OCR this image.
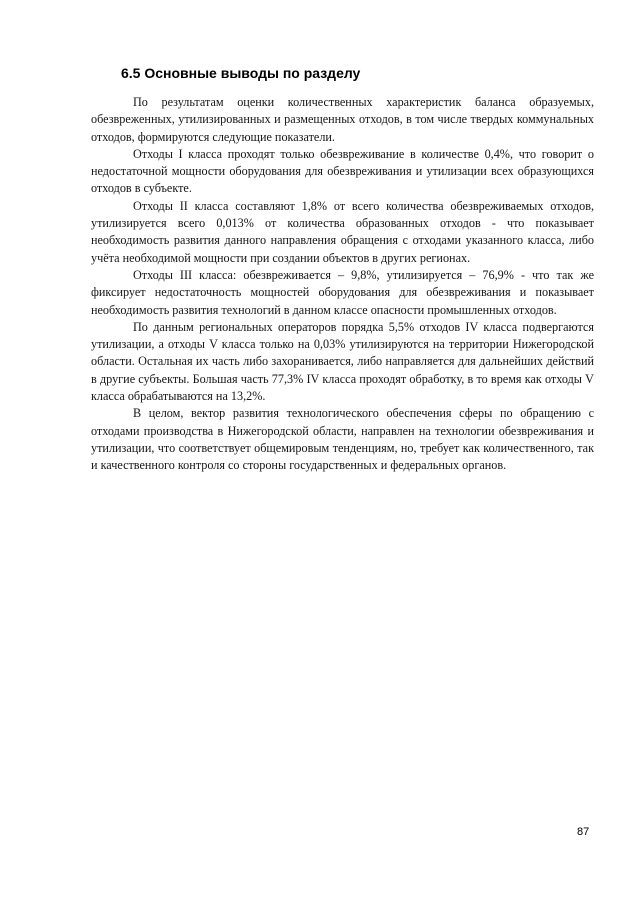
6.5 Основные выводы по разделу

По результатам оценки количественных характеристик баланса образуемых, обезвреженных, утилизированных и размещенных отходов, в том числе твердых коммунальных отходов, формируются следующие показатели.

Отходы I класса проходят только обезвреживание в количестве 0,4%, что говорит о недостаточной мощности оборудования для обезвреживания и утилизации всех образующихся отходов в субъекте.

Отходы II класса составляют 1,8% от всего количества обезвреживаемых отходов, утилизируется всего 0,013% от количества образованных отходов - что показывает необходимость развития данного направления обращения с отходами указанного класса, либо учёта необходимой мощности при создании объектов в других регионах.

Отходы III класса: обезвреживается – 9,8%, утилизируется – 76,9% - что так же фиксирует недостаточность мощностей оборудования для обезвреживания и показывает необходимость развития технологий в данном классе опасности промышленных отходов.

По данным региональных операторов порядка 5,5% отходов IV класса подвергаются утилизации, а отходы V класса только на 0,03% утилизируются на территории Нижегородской области. Остальная их часть либо захоранивается, либо направляется для дальнейших действий в другие субъекты. Большая часть 77,3% IV класса проходят обработку, в то время как отходы V класса обрабатываются на 13,2%.

В целом, вектор развития технологического обеспечения сферы по обращению с отходами производства в Нижегородской области, направлен на технологии обезвреживания и утилизации, что соответствует общемировым тенденциям, но, требует как количественного, так и качественного контроля со стороны государственных и федеральных органов.

87
